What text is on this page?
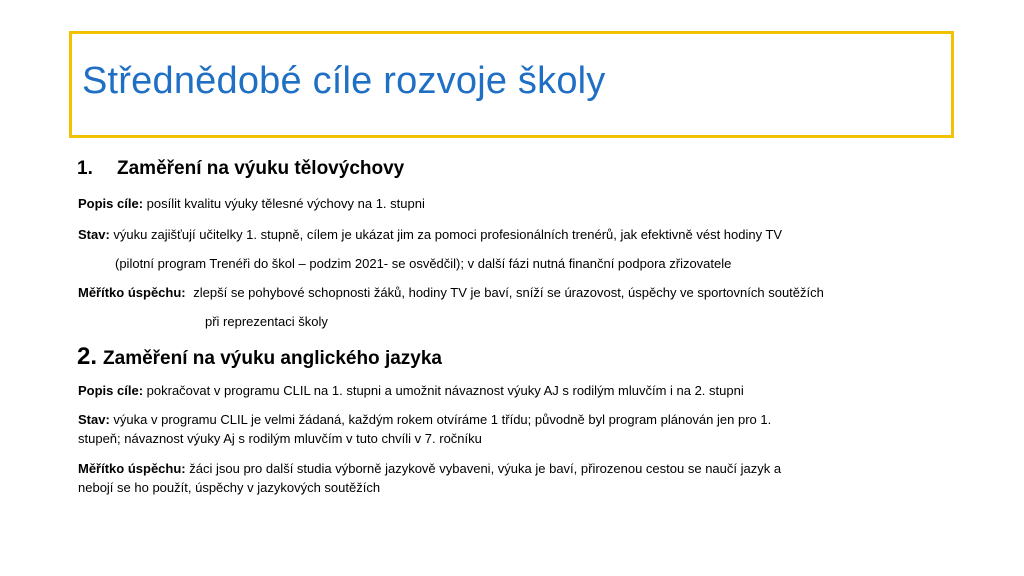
Střednědobé cíle rozvoje školy
1. Zaměření na výuku tělovýchovy

Popis cíle: posílit kvalitu výuky tělesné výchovy na 1. stupni

Stav: výuku zajišťují učitelky 1. stupně, cílem je ukázat jim za pomoci profesionálních trenérů, jak efektivně vést hodiny TV

(pilotní program Trenéři do škol – podzim 2021- se osvědčil); v další fázi nutná finanční podpora zřizovatele

Měřítko úspěchu: zlepší se pohybové schopnosti žáků, hodiny TV je baví, sníží se úrazovost, úspěchy ve sportovních soutěžích

při reprezentaci školy

2. Zaměření na výuku anglického jazyka

Popis cíle: pokračovat v programu CLIL na 1. stupni a umožnit návaznost výuky AJ s rodilým mluvčím i na 2. stupni

Stav: výuka v programu CLIL je velmi žádaná, každým rokem otvíráme 1 třídu; původně byl program plánován jen pro 1.

stupeň; návaznost výuky Aj s rodilým mluvčím v tuto chvíli v 7. ročníku

Měřítko úspěchu: žáci jsou pro další studia výborně jazykově vybaveni, výuka je baví, přirozenou cestou se naučí jazyk a

nebojí se ho použít, úspěchy v jazykových soutěžích
